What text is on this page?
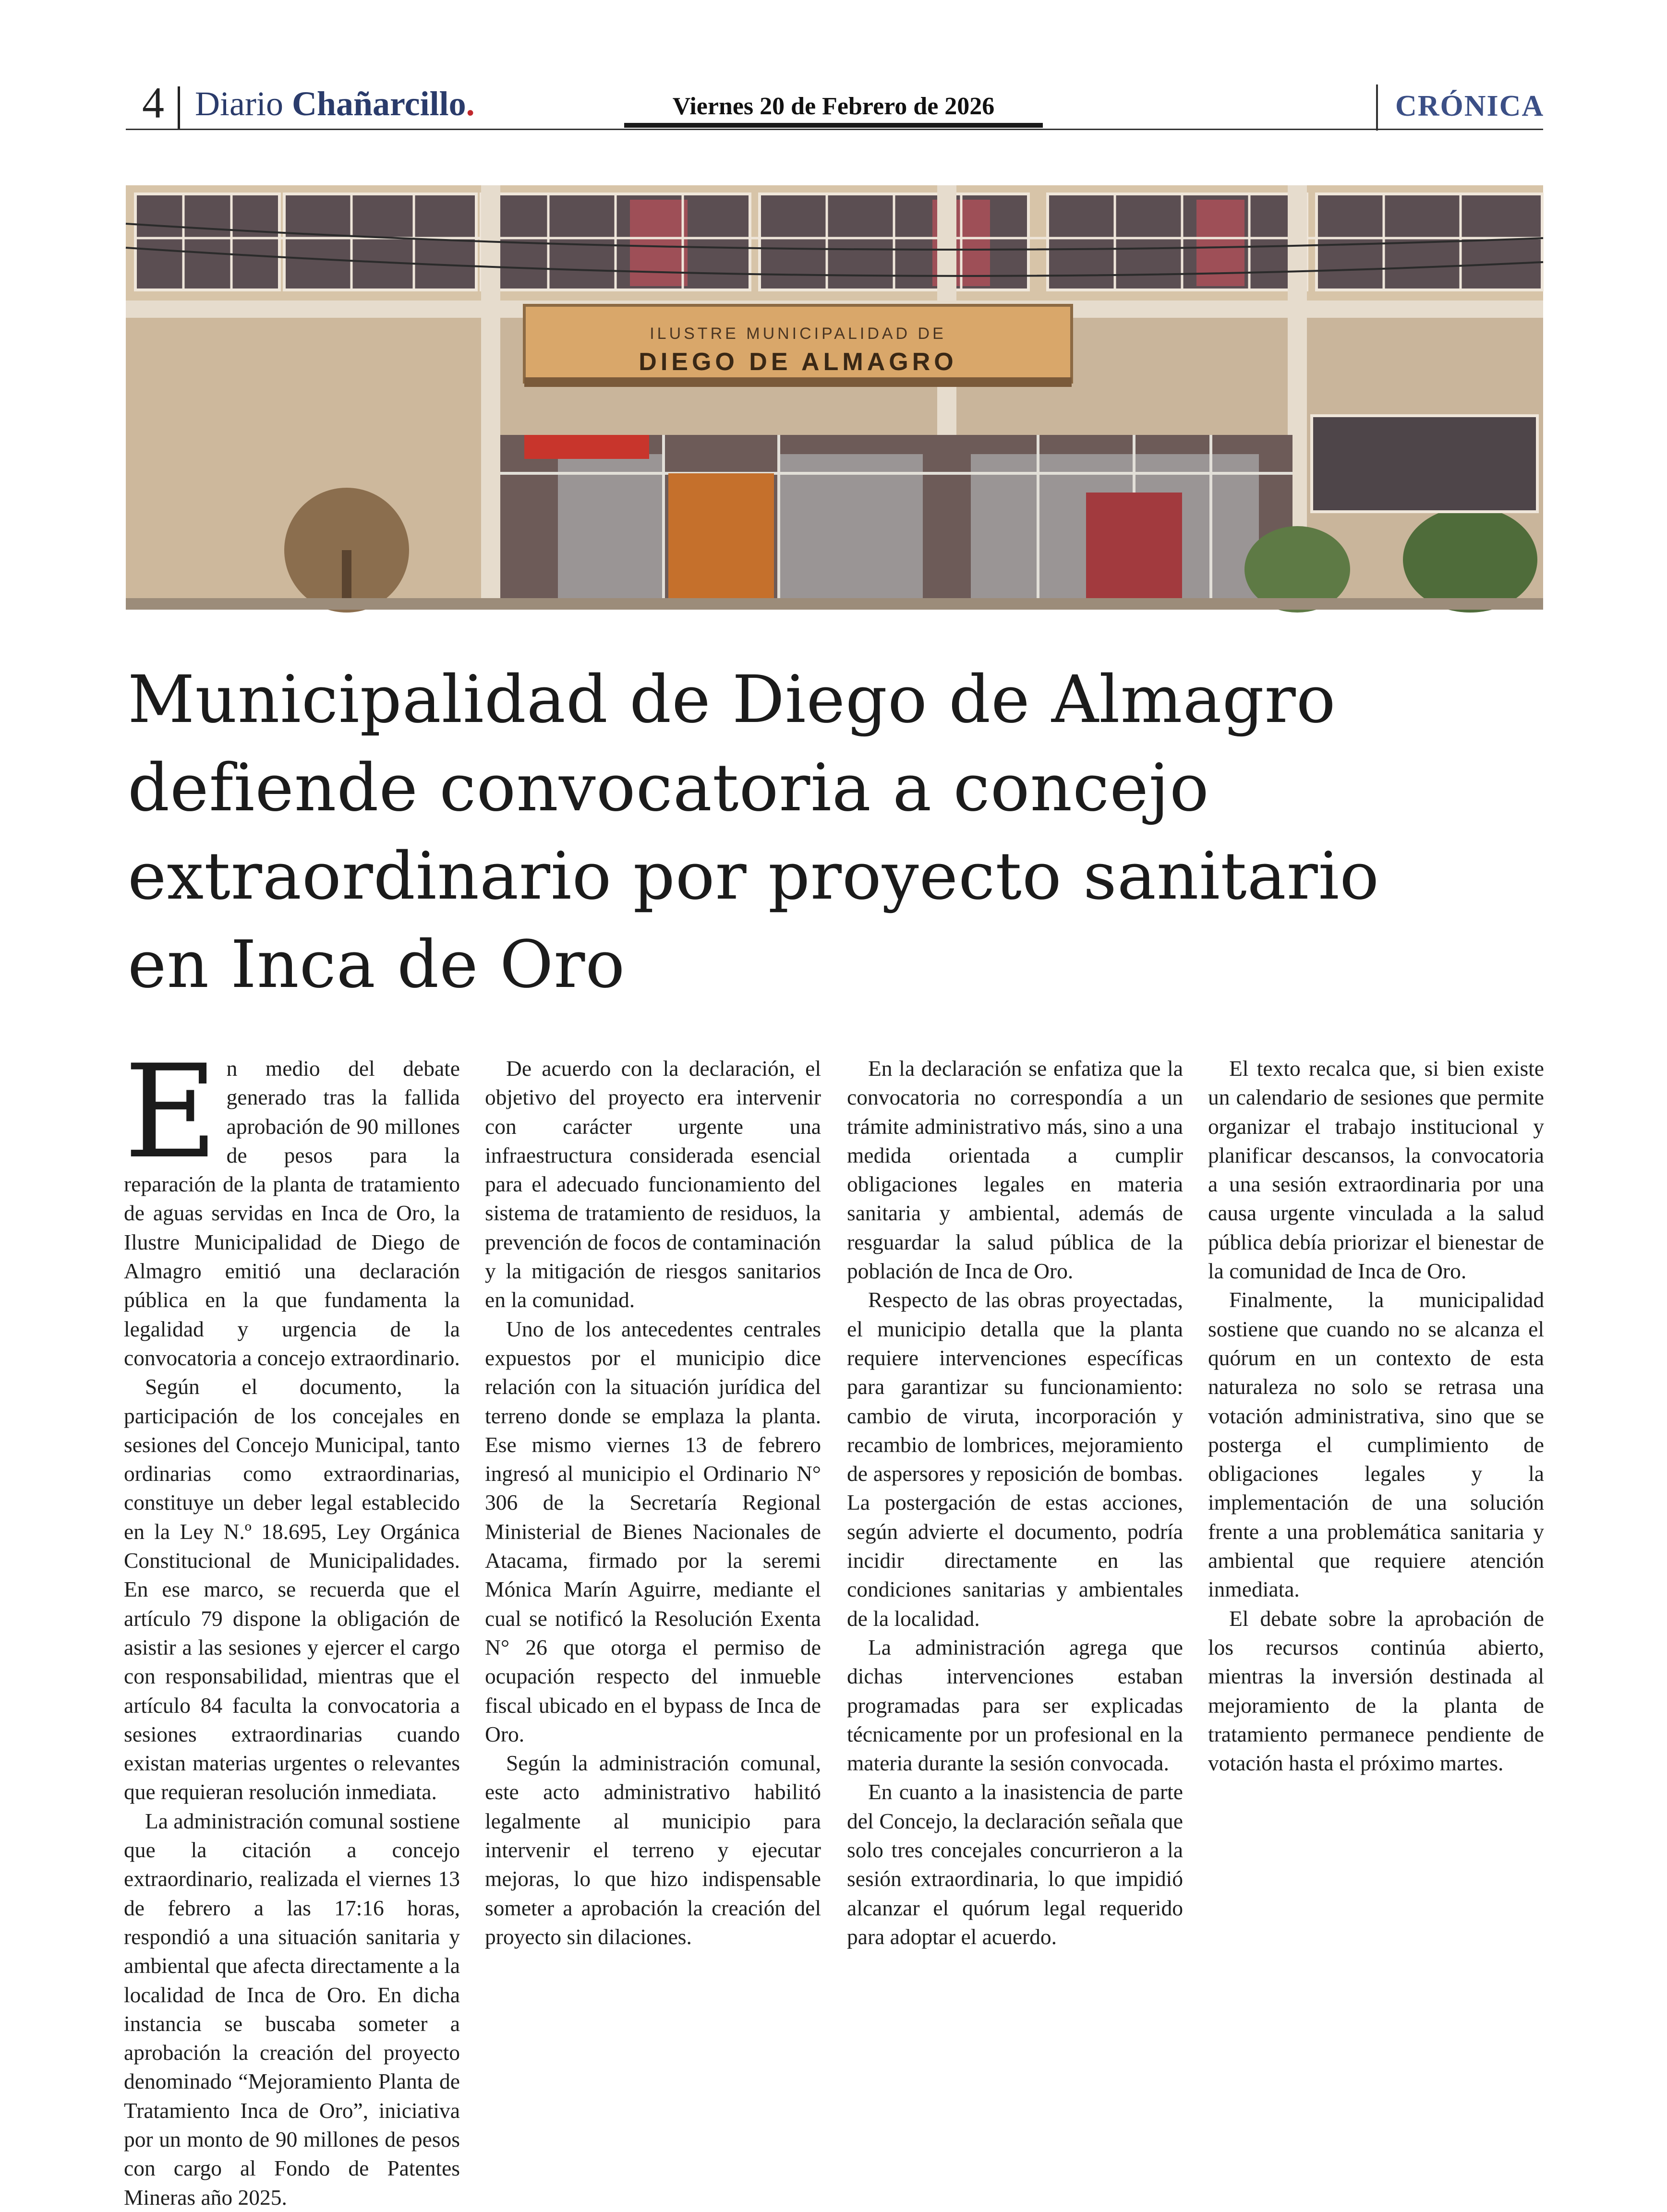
4 Diario Chañarcillo.	Viernes 20 de Febrero de 2026	CRÓNICA
ILUSTRE MUNICIPALIDAD DE
DIEGO DE ALMAGRO
Municipalidad de Diego de Almagro
defiende convocatoria a concejo
extraordinario por proyecto sanitario
en Inca de Oro
E n medio del debate generado tras la fallida aprobación de 90 millones de pesos para la reparación de la planta de tratamiento de aguas servidas en Inca de Oro, la Ilustre Municipalidad de Diego de Almagro emitió una declaración pública en la que fundamenta la legalidad y urgencia de la convocatoria a concejo extraordinario.

Según el documento, la participación de los concejales en sesiones del Concejo Municipal, tanto ordinarias como extraordinarias, constituye un deber legal establecido en la Ley N.º 18.695, Ley Orgánica Constitucional de Municipalidades. En ese marco, se recuerda que el artículo 79 dispone la obligación de asistir a las sesiones y ejercer el cargo con responsabilidad, mientras que el artículo 84 faculta la convocatoria a sesiones extraordinarias cuando existan materias urgentes o relevantes que requieran resolución inmediata.

La administración comunal sostiene que la citación a concejo extraordinario, realizada el viernes 13 de febrero a las 17:16 horas, respondió a una situación sanitaria y ambiental que afecta directamente a la localidad de Inca de Oro. En dicha instancia se buscaba someter a aprobación la creación del proyecto denominado “Mejoramiento Planta de Tratamiento Inca de Oro”, iniciativa por un monto de 90 millones de pesos con cargo al Fondo de Patentes Mineras año 2025.

De acuerdo con la declaración, el objetivo del proyecto era intervenir con carácter urgente una infraestructura considerada esencial para el adecuado funcionamiento del sistema de tratamiento de residuos, la prevención de focos de contaminación y la mitigación de riesgos sanitarios en la comunidad.

Uno de los antecedentes centrales expuestos por el municipio dice relación con la situación jurídica del terreno donde se emplaza la planta. Ese mismo viernes 13 de febrero ingresó al municipio el Ordinario N° 306 de la Secretaría Regional Ministerial de Bienes Nacionales de Atacama, firmado por la seremi Mónica Marín Aguirre, mediante el cual se notificó la Resolución Exenta N° 26 que otorga el permiso de ocupación respecto del inmueble fiscal ubicado en el bypass de Inca de Oro.

Según la administración comunal, este acto administrativo habilitó legalmente al municipio para intervenir el terreno y ejecutar mejoras, lo que hizo indispensable someter a aprobación la creación del proyecto sin dilaciones.

En la declaración se enfatiza que la convocatoria no correspondía a un trámite administrativo más, sino a una medida orientada a cumplir obligaciones legales en materia sanitaria y ambiental, además de resguardar la salud pública de la población de Inca de Oro.

Respecto de las obras proyectadas, el municipio detalla que la planta requiere intervenciones específicas para garantizar su funcionamiento: cambio de viruta, incorporación y recambio de lombrices, mejoramiento de aspersores y reposición de bombas. La postergación de estas acciones, según advierte el documento, podría incidir directamente en las condiciones sanitarias y ambientales de la localidad.

La administración agrega que dichas intervenciones estaban programadas para ser explicadas técnicamente por un profesional en la materia durante la sesión convocada.

En cuanto a la inasistencia de parte del Concejo, la declaración señala que solo tres concejales concurrieron a la sesión extraordinaria, lo que impidió alcanzar el quórum legal requerido para adoptar el acuerdo.

El texto recalca que, si bien existe un calendario de sesiones que permite organizar el trabajo institucional y planificar descansos, la convocatoria a una sesión extraordinaria por una causa urgente vinculada a la salud pública debía priorizar el bienestar de la comunidad de Inca de Oro.

Finalmente, la municipalidad sostiene que cuando no se alcanza el quórum en un contexto de esta naturaleza no solo se retrasa una votación administrativa, sino que se posterga el cumplimiento de obligaciones legales y la implementación de una solución frente a una problemática sanitaria y ambiental que requiere atención inmediata.

El debate sobre la aprobación de los recursos continúa abierto, mientras la inversión destinada al mejoramiento de la planta de tratamiento permanece pendiente de votación hasta el próximo martes.
